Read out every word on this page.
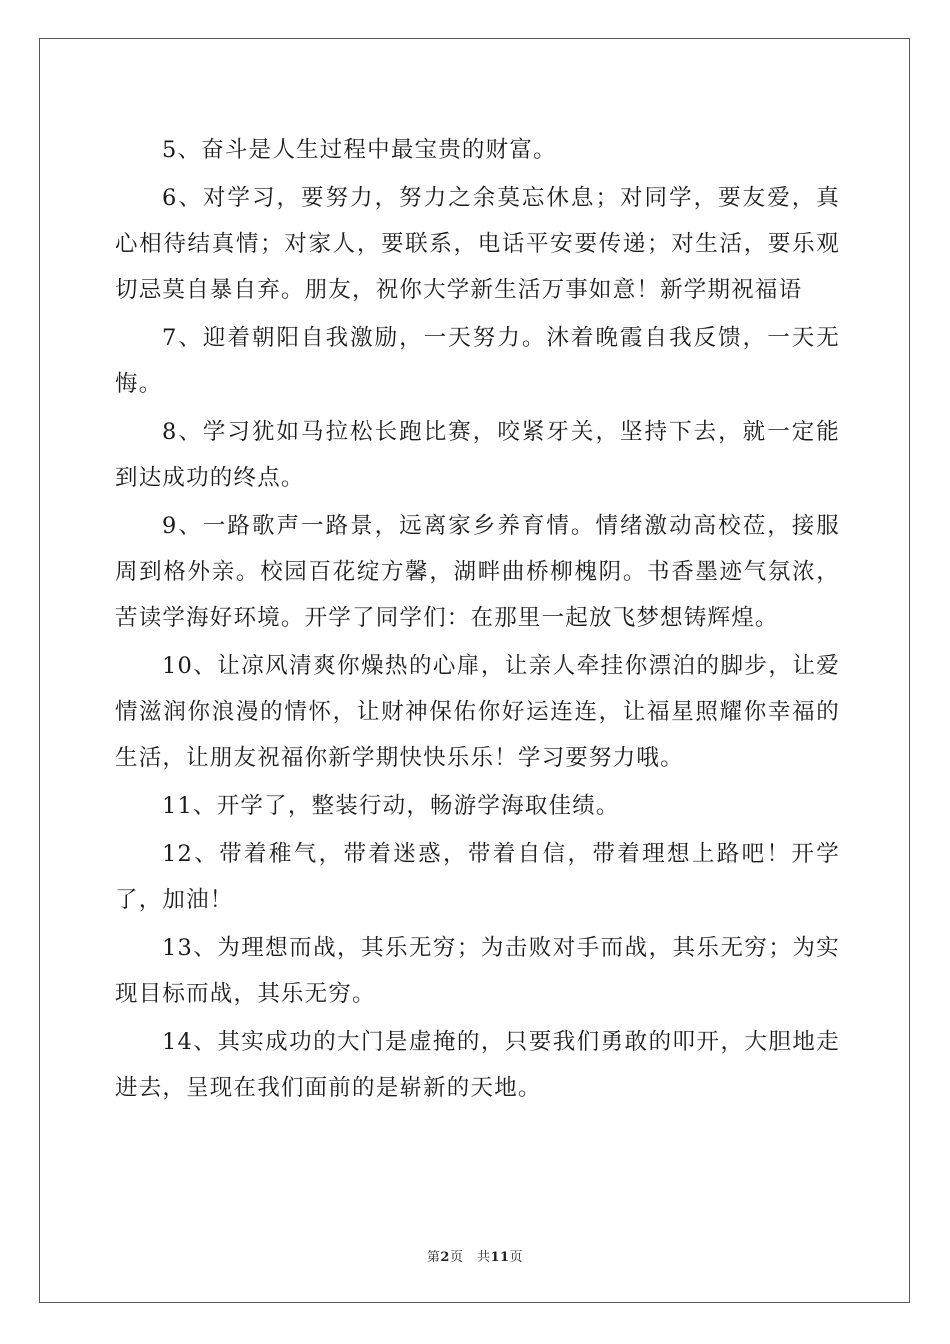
5、奋斗是人生过程中最宝贵的财富。

6、对学习，要努力，努力之余莫忘休息；对同学，要友爱，真心相待结真情；对家人，要联系，电话平安要传递；对生活，要乐观切忌莫自暴自弃。朋友，祝你大学新生活万事如意！新学期祝福语

7、迎着朝阳自我激励，一天努力。沐着晚霞自我反馈，一天无悔。

8、学习犹如马拉松长跑比赛，咬紧牙关，坚持下去，就一定能到达成功的终点。

9、一路歌声一路景，远离家乡养育情。情绪激动高校莅，接服周到格外亲。校园百花绽方馨，湖畔曲桥柳槐阴。书香墨迹气氛浓，苦读学海好环境。开学了同学们：在那里一起放飞梦想铸辉煌。

10、让凉风清爽你燥热的心扉，让亲人牵挂你漂泊的脚步，让爱情滋润你浪漫的情怀，让财神保佑你好运连连，让福星照耀你幸福的生活，让朋友祝福你新学期快快乐乐！学习要努力哦。

11、开学了，整装行动，畅游学海取佳绩。

12、带着稚气，带着迷惑，带着自信，带着理想上路吧！开学了，加油！

13、为理想而战，其乐无穷；为击败对手而战，其乐无穷；为实现目标而战，其乐无穷。

14、其实成功的大门是虚掩的，只要我们勇敢的叩开，大胆地走进去，呈现在我们面前的是崭新的天地。

第2页　共11页
